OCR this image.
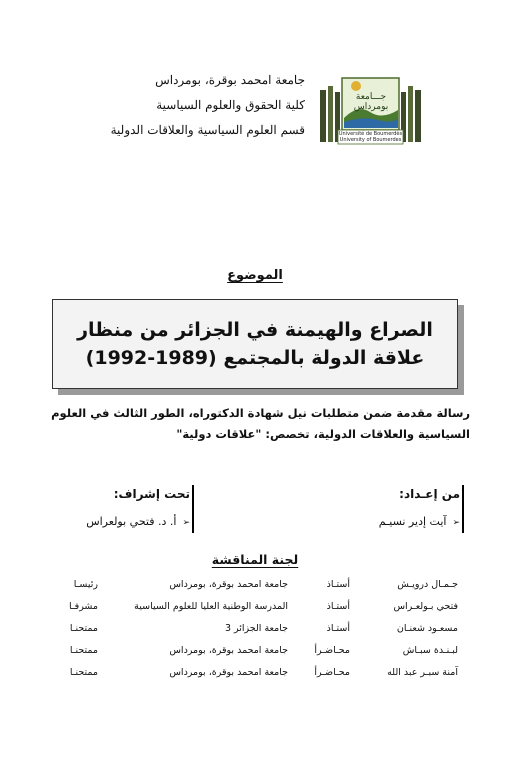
جـــامعة بومرداس
Université de Boumerdès
University of Boumerdes
جامعة امحمد بوقرة، بومرداس
كلية الحقوق والعلوم السياسية
قسم العلوم السياسية والعلاقات الدولية
الموضوع
الصراع والهيمنة في الجزائر من منظار
علاقة الدولة بالمجتمع (1989-1992)
رسالة مقدمة ضمن متطلبات نيل شهادة الدكتوراه، الطور الثالث في العلوم
السياسية والعلاقات الدولية، تخصص: "علاقات دولية"
من إعـداد:
➢آيت إدير نسيـم
تحت إشراف:
➢أ. د. فتحي بولعراس
لجنة المناقشة
جـمـال درويـش
أستـاذ
جامعة امحمد بوقرة، بومرداس
رئيسـا
فتحي بـولعـراس
أستـاذ
المدرسة الوطنية العليا للعلوم السياسية
مشرفـا
مسعـود شعنـان
أستـاذ
جامعة الجزائر 3
ممتحنـا
لبـنـدة سبـاش
محـاضـرأ
جامعة امحمد بوقرة، بومرداس
ممتحنـا
آمنة سبـر عبد الله
محـاضـرأ
جامعة امحمد بوقرة، بومرداس
ممتحنـا
